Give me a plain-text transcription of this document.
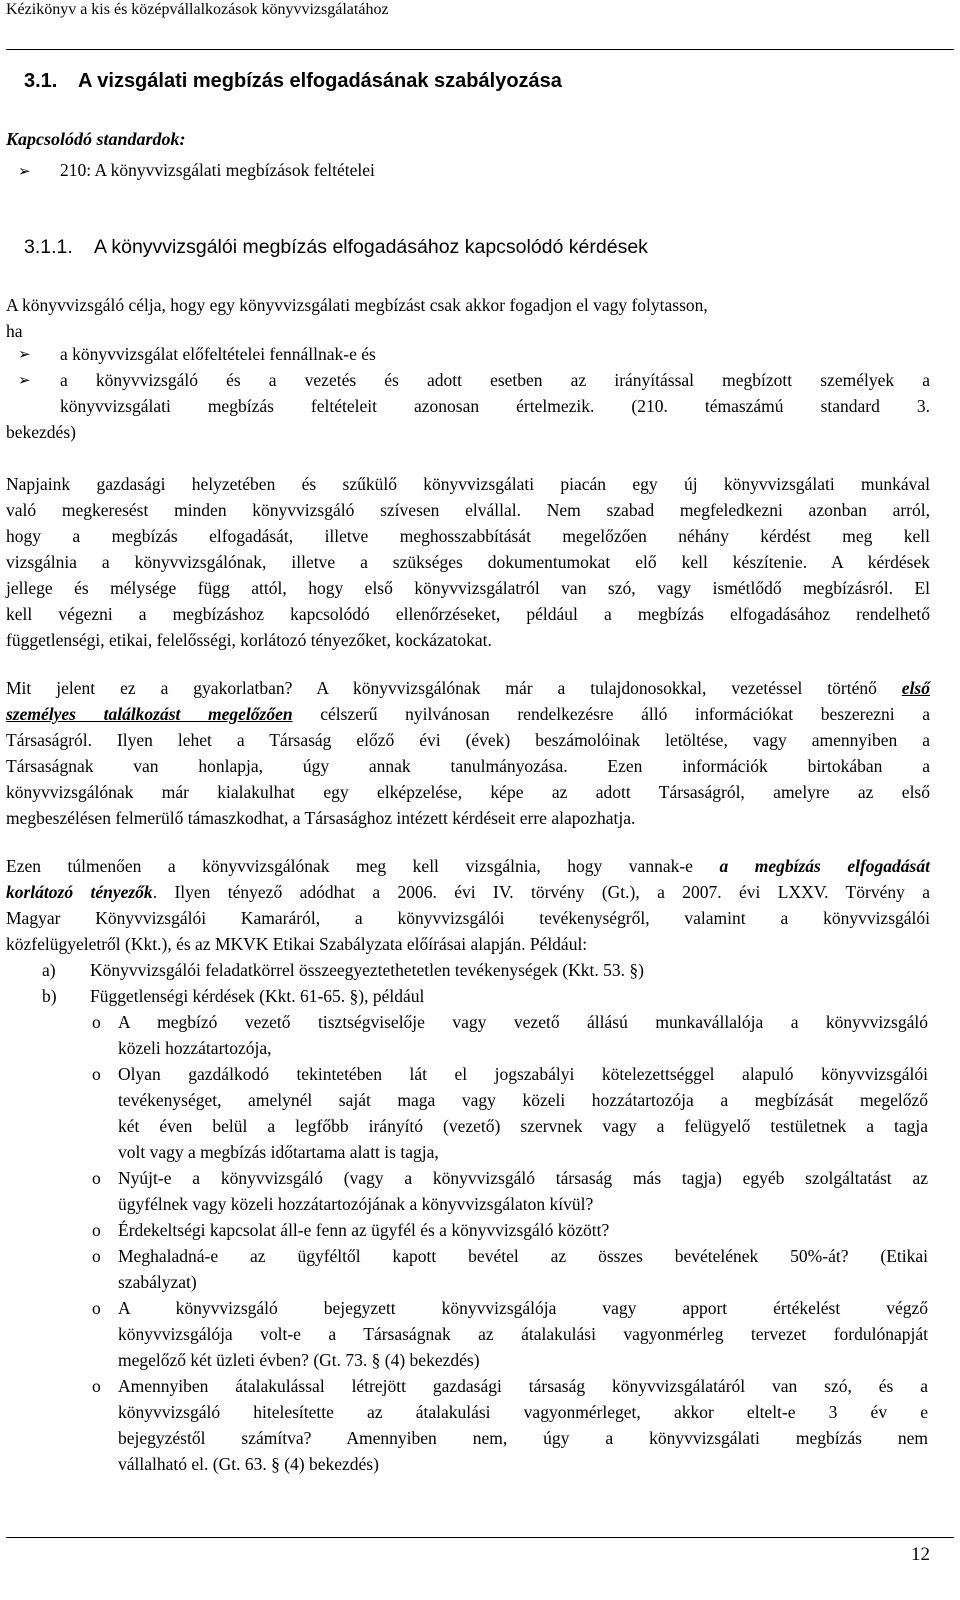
Kézikönyv a kis és középvállalkozások könyvvizsgálatához
3.1. A vizsgálati megbízás elfogadásának szabályozása
Kapcsolódó standardok:
➢ 210: A könyvvizsgálati megbízások feltételei
3.1.1. A könyvvizsgálói megbízás elfogadásához kapcsolódó kérdések
A könyvvizsgáló célja, hogy egy könyvvizsgálati megbízást csak akkor fogadjon el vagy folytasson,
ha
➢ a könyvvizsgálat előfeltételei fennállnak-e és
➢ a könyvvizsgáló és a vezetés és adott esetben az irányítással megbízott személyek a
könyvvizsgálati megbízás feltételeit azonosan értelmezik. (210. témaszámú standard 3.
bekezdés)
Napjaink gazdasági helyzetében és szűkülő könyvvizsgálati piacán egy új könyvvizsgálati munkával
való megkeresést minden könyvvizsgáló szívesen elvállal. Nem szabad megfeledkezni azonban arról,
hogy a megbízás elfogadását, illetve meghosszabbítását megelőzően néhány kérdést meg kell
vizsgálnia a könyvvizsgálónak, illetve a szükséges dokumentumokat elő kell készítenie. A kérdések
jellege és mélysége függ attól, hogy első könyvvizsgálatról van szó, vagy ismétlődő megbízásról. El
kell végezni a megbízáshoz kapcsolódó ellenőrzéseket, például a megbízás elfogadásához rendelhető
függetlenségi, etikai, felelősségi, korlátozó tényezőket, kockázatokat.
Mit jelent ez a gyakorlatban? A könyvvizsgálónak már a tulajdonosokkal, vezetéssel történő első
személyes találkozást megelőzően célszerű nyilvánosan rendelkezésre álló információkat beszerezni a
Társaságról. Ilyen lehet a Társaság előző évi (évek) beszámolóinak letöltése, vagy amennyiben a
Társaságnak van honlapja, úgy annak tanulmányozása. Ezen információk birtokában a
könyvvizsgálónak már kialakulhat egy elképzelése, képe az adott Társaságról, amelyre az első
megbeszélésen felmerülő támaszkodhat, a Társasághoz intézett kérdéseit erre alapozhatja.
Ezen túlmenően a könyvvizsgálónak meg kell vizsgálnia, hogy vannak-e a megbízás elfogadását
korlátozó tényezők. Ilyen tényező adódhat a 2006. évi IV. törvény (Gt.), a 2007. évi LXXV. Törvény a
Magyar Könyvvizsgálói Kamaráról, a könyvvizsgálói tevékenységről, valamint a könyvvizsgálói
közfelügyeletről (Kkt.), és az MKVK Etikai Szabályzata előírásai alapján. Például:
a) Könyvvizsgálói feladatkörrel összeegyeztethetetlen tevékenységek (Kkt. 53. §)
b) Függetlenségi kérdések (Kkt. 61-65. §), például
o A megbízó vezető tisztségviselője vagy vezető állású munkavállalója a könyvvizsgáló
közeli hozzátartozója,
o Olyan gazdálkodó tekintetében lát el jogszabályi kötelezettséggel alapuló könyvvizsgálói
tevékenységet, amelynél saját maga vagy közeli hozzátartozója a megbízását megelőző
két éven belül a legfőbb irányító (vezető) szervnek vagy a felügyelő testületnek a tagja
volt vagy a megbízás időtartama alatt is tagja,
o Nyújt-e a könyvvizsgáló (vagy a könyvvizsgáló társaság más tagja) egyéb szolgáltatást az
ügyfélnek vagy közeli hozzátartozójának a könyvvizsgálaton kívül?
o Érdekeltségi kapcsolat áll-e fenn az ügyfél és a könyvvizsgáló között?
o Meghaladná-e az ügyféltől kapott bevétel az összes bevételének 50%-át? (Etikai
szabályzat)
o A könyvvizsgáló bejegyzett könyvvizsgálója vagy apport értékelést végző
könyvvizsgálója volt-e a Társaságnak az átalakulási vagyonmérleg tervezet fordulónapját
megelőző két üzleti évben? (Gt. 73. § (4) bekezdés)
o Amennyiben átalakulással létrejött gazdasági társaság könyvvizsgálatáról van szó, és a
könyvvizsgáló hitelesítette az átalakulási vagyonmérleget, akkor eltelt-e 3 év e
bejegyzéstől számítva? Amennyiben nem, úgy a könyvvizsgálati megbízás nem
vállalható el. (Gt. 63. § (4) bekezdés)
12
